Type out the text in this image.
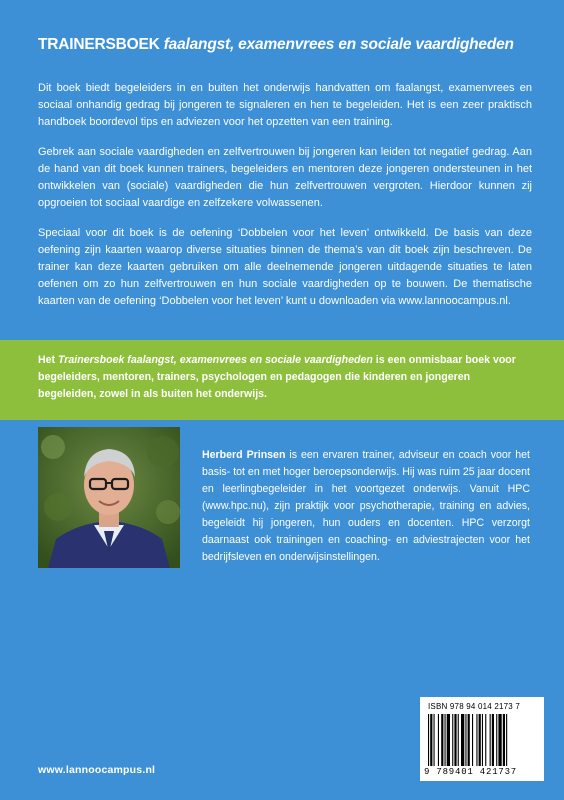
TRAINERSBOEK faalangst, examenvrees en sociale vaardigheden

Dit boek biedt begeleiders in en buiten het onderwijs handvatten om faalangst, examenvrees en sociaal onhandig gedrag bij jongeren te signaleren en hen te begeleiden. Het is een zeer praktisch handboek boordevol tips en adviezen voor het opzetten van een training.

Gebrek aan sociale vaardigheden en zelfvertrouwen bij jongeren kan leiden tot negatief gedrag. Aan de hand van dit boek kunnen trainers, begeleiders en mentoren deze jongeren ondersteunen in het ontwikkelen van (sociale) vaardigheden die hun zelfvertrouwen vergroten. Hierdoor kunnen zij opgroeien tot sociaal vaardige en zelfzekere volwassenen.

Speciaal voor dit boek is de oefening ‘Dobbelen voor het leven’ ontwikkeld. De basis van deze oefening zijn kaarten waarop diverse situaties binnen de thema’s van dit boek zijn beschreven. De trainer kan deze kaarten gebruiken om alle deelnemende jongeren uitdagende situaties te laten oefenen om zo hun zelfvertrouwen en hun sociale vaardigheden op te bouwen. De thematische kaarten van de oefening ‘Dobbelen voor het leven’ kunt u downloaden via www.lannoocampus.nl.

Het Trainersboek faalangst, examenvrees en sociale vaardigheden is een onmisbaar boek voor begeleiders, mentoren, trainers, psychologen en pedagogen die kinderen en jongeren begeleiden, zowel in als buiten het onderwijs.
Herberd Prinsen is een ervaren trainer, adviseur en coach voor het basis- tot en met hoger beroepsonderwijs. Hij was ruim 25 jaar docent en leerlingbegeleider in het voortgezet onderwijs. Vanuit HPC (www.hpc.nu), zijn praktijk voor psychotherapie, training en advies, begeleidt hij jongeren, hun ouders en docenten. HPC verzorgt daarnaast ook trainingen en coaching- en adviestrajecten voor het bedrijfsleven en onderwijsinstellingen.
ISBN 978 94 014 2173 7
9 789401 421737
www.lannoocampus.nl
